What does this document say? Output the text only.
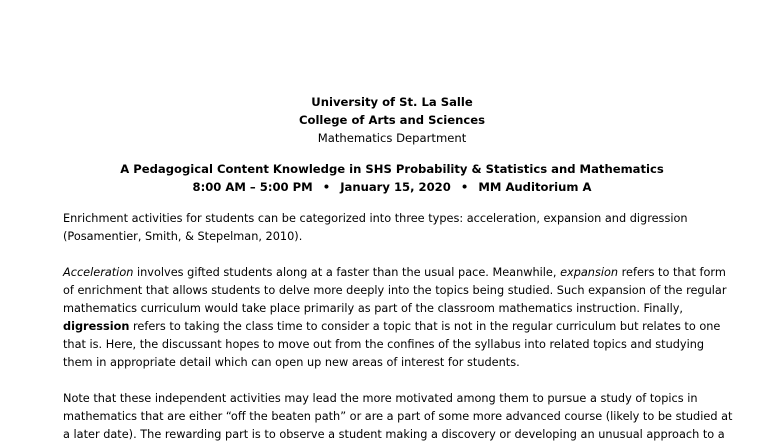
University of St. La Salle
College of Arts and Sciences
Mathematics Department
A Pedagogical Content Knowledge in SHS Probability & Statistics and Mathematics
8:00 AM – 5:00 PM • January 15, 2020 • MM Auditorium A

Enrichment activities for students can be categorized into three types: acceleration, expansion and digression
(Posamentier, Smith, & Stepelman, 2010).

Acceleration involves gifted students along at a faster than the usual pace. Meanwhile, expansion refers to that form
of enrichment that allows students to delve more deeply into the topics being studied. Such expansion of the regular
mathematics curriculum would take place primarily as part of the classroom mathematics instruction. Finally,
digression refers to taking the class time to consider a topic that is not in the regular curriculum but relates to one
that is. Here, the discussant hopes to move out from the confines of the syllabus into related topics and studying
them in appropriate detail which can open up new areas of interest for students.

Note that these independent activities may lead the more motivated among them to pursue a study of topics in
mathematics that are either “off the beaten path” or are a part of some more advanced course (likely to be studied at
a later date). The rewarding part is to observe a student making a discovery or developing an unusual approach to a
